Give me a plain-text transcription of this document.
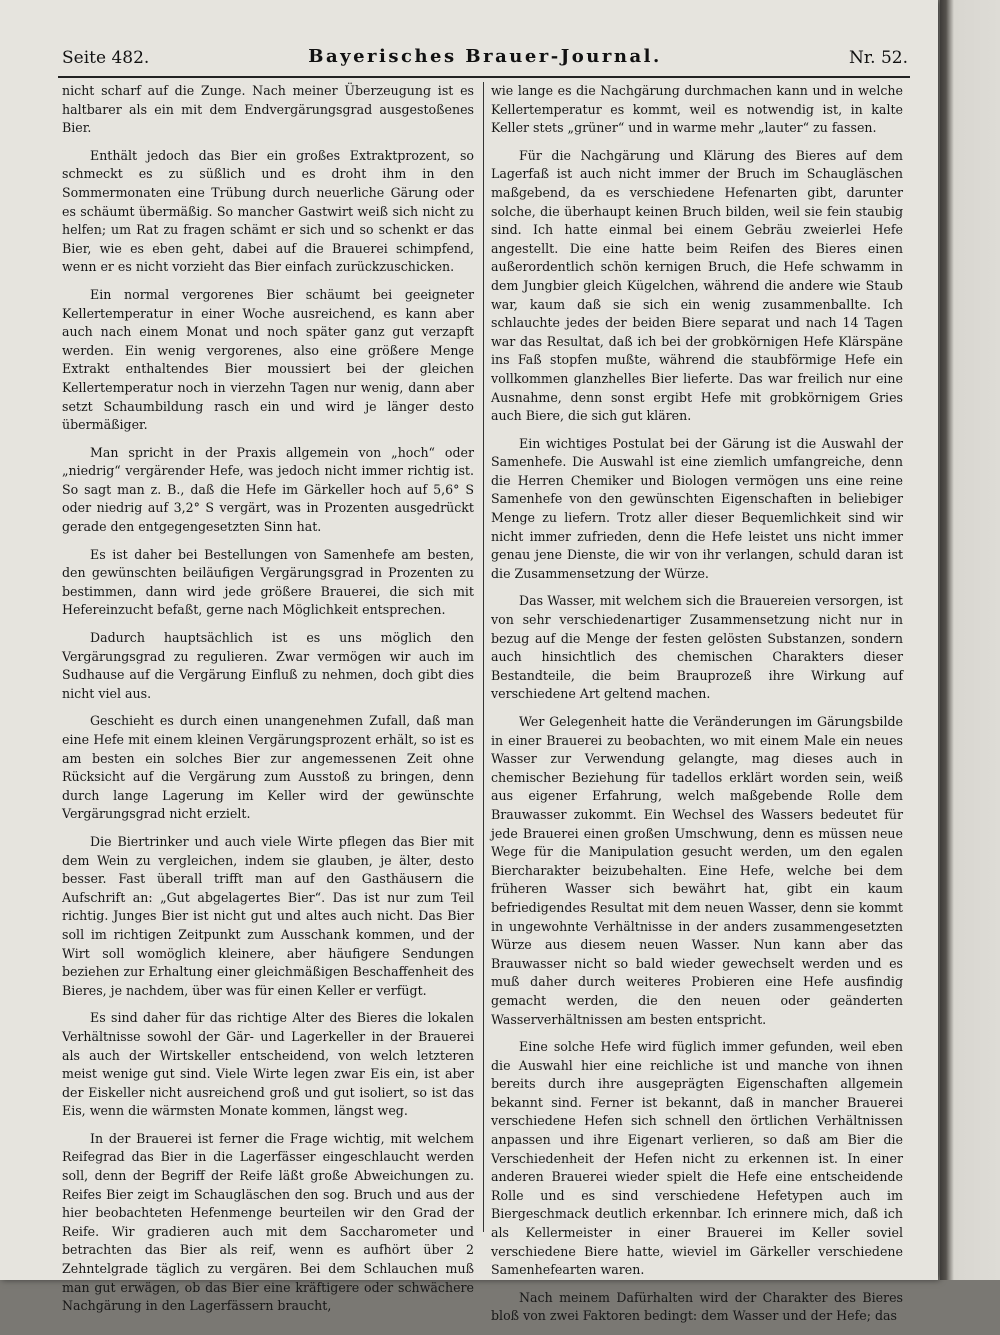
Seite 482.	Bayerisches Brauer-Journal.	Nr. 52.

nicht scharf auf die Zunge. Nach meiner Überzeugung ist es haltbarer als ein mit dem Endvergärungsgrad ausgestoßenes Bier.

Enthält jedoch das Bier ein großes Extraktprozent, so schmeckt es zu süßlich und es droht ihm in den Sommermonaten eine Trübung durch neuerliche Gärung oder es schäumt übermäßig. So mancher Gastwirt weiß sich nicht zu helfen; um Rat zu fragen schämt er sich und so schenkt er das Bier, wie es eben geht, dabei auf die Brauerei schimpfend, wenn er es nicht vorzieht das Bier einfach zurückzuschicken.

Ein normal vergorenes Bier schäumt bei geeigneter Kellertemperatur in einer Woche ausreichend, es kann aber auch nach einem Monat und noch später ganz gut verzapft werden. Ein wenig vergorenes, also eine größere Menge Extrakt enthaltendes Bier moussiert bei der gleichen Kellertemperatur noch in vierzehn Tagen nur wenig, dann aber setzt Schaumbildung rasch ein und wird je länger desto übermäßiger.

Man spricht in der Praxis allgemein von „hoch“ oder „niedrig“ vergärender Hefe, was jedoch nicht immer richtig ist. So sagt man z. B., daß die Hefe im Gärkeller hoch auf 5,6° S oder niedrig auf 3,2° S vergärt, was in Prozenten ausgedrückt gerade den entgegengesetzten Sinn hat.

Es ist daher bei Bestellungen von Samenhefe am besten, den gewünschten beiläufigen Vergärungsgrad in Prozenten zu bestimmen, dann wird jede größere Brauerei, die sich mit Hefereinzucht befaßt, gerne nach Möglichkeit entsprechen.

Dadurch hauptsächlich ist es uns möglich den Vergärungsgrad zu regulieren. Zwar vermögen wir auch im Sudhause auf die Vergärung Einfluß zu nehmen, doch gibt dies nicht viel aus.

Geschieht es durch einen unangenehmen Zufall, daß man eine Hefe mit einem kleinen Vergärungsprozent erhält, so ist es am besten ein solches Bier zur angemessenen Zeit ohne Rücksicht auf die Vergärung zum Ausstoß zu bringen, denn durch lange Lagerung im Keller wird der gewünschte Vergärungsgrad nicht erzielt.

Die Biertrinker und auch viele Wirte pflegen das Bier mit dem Wein zu vergleichen, indem sie glauben, je älter, desto besser. Fast überall trifft man auf den Gasthäusern die Aufschrift an: „Gut abgelagertes Bier“. Das ist nur zum Teil richtig. Junges Bier ist nicht gut und altes auch nicht. Das Bier soll im richtigen Zeitpunkt zum Ausschank kommen, und der Wirt soll womöglich kleinere, aber häufigere Sendungen beziehen zur Erhaltung einer gleichmäßigen Beschaffenheit des Bieres, je nachdem, über was für einen Keller er verfügt.

Es sind daher für das richtige Alter des Bieres die lokalen Verhältnisse sowohl der Gär- und Lagerkeller in der Brauerei als auch der Wirtskeller entscheidend, von welch letzteren meist wenige gut sind. Viele Wirte legen zwar Eis ein, ist aber der Eiskeller nicht ausreichend groß und gut isoliert, so ist das Eis, wenn die wärmsten Monate kommen, längst weg.

In der Brauerei ist ferner die Frage wichtig, mit welchem Reifegrad das Bier in die Lagerfässer eingeschlaucht werden soll, denn der Begriff der Reife läßt große Abweichungen zu. Reifes Bier zeigt im Schaugläschen den sog. Bruch und aus der hier beobachteten Hefenmenge beurteilen wir den Grad der Reife. Wir gradieren auch mit dem Saccharometer und betrachten das Bier als reif, wenn es aufhört über 2 Zehntelgrade täglich zu vergären. Bei dem Schlauchen muß man gut erwägen, ob das Bier eine kräftigere oder schwächere Nachgärung in den Lagerfässern braucht,

wie lange es die Nachgärung durchmachen kann und in welche Kellertemperatur es kommt, weil es notwendig ist, in kalte Keller stets „grüner“ und in warme mehr „lauter“ zu fassen.

Für die Nachgärung und Klärung des Bieres auf dem Lagerfaß ist auch nicht immer der Bruch im Schaugläschen maßgebend, da es verschiedene Hefenarten gibt, darunter solche, die überhaupt keinen Bruch bilden, weil sie fein staubig sind. Ich hatte einmal bei einem Gebräu zweierlei Hefe angestellt. Die eine hatte beim Reifen des Bieres einen außerordentlich schön kernigen Bruch, die Hefe schwamm in dem Jungbier gleich Kügelchen, während die andere wie Staub war, kaum daß sie sich ein wenig zusammenballte. Ich schlauchte jedes der beiden Biere separat und nach 14 Tagen war das Resultat, daß ich bei der grobkörnigen Hefe Klärspäne ins Faß stopfen mußte, während die staubförmige Hefe ein vollkommen glanzhelles Bier lieferte. Das war freilich nur eine Ausnahme, denn sonst ergibt Hefe mit grobkörnigem Gries auch Biere, die sich gut klären.

Ein wichtiges Postulat bei der Gärung ist die Auswahl der Samenhefe. Die Auswahl ist eine ziemlich umfangreiche, denn die Herren Chemiker und Biologen vermögen uns eine reine Samenhefe von den gewünschten Eigenschaften in beliebiger Menge zu liefern. Trotz aller dieser Bequemlichkeit sind wir nicht immer zufrieden, denn die Hefe leistet uns nicht immer genau jene Dienste, die wir von ihr verlangen, schuld daran ist die Zusammensetzung der Würze.

Das Wasser, mit welchem sich die Brauereien versorgen, ist von sehr verschiedenartiger Zusammensetzung nicht nur in bezug auf die Menge der festen gelösten Substanzen, sondern auch hinsichtlich des chemischen Charakters dieser Bestandteile, die beim Brauprozeß ihre Wirkung auf verschiedene Art geltend machen.

Wer Gelegenheit hatte die Veränderungen im Gärungsbilde in einer Brauerei zu beobachten, wo mit einem Male ein neues Wasser zur Verwendung gelangte, mag dieses auch in chemischer Beziehung für tadellos erklärt worden sein, weiß aus eigener Erfahrung, welch maßgebende Rolle dem Brauwasser zukommt. Ein Wechsel des Wassers bedeutet für jede Brauerei einen großen Umschwung, denn es müssen neue Wege für die Manipulation gesucht werden, um den egalen Biercharakter beizubehalten. Eine Hefe, welche bei dem früheren Wasser sich bewährt hat, gibt ein kaum befriedigendes Resultat mit dem neuen Wasser, denn sie kommt in ungewohnte Verhältnisse in der anders zusammengesetzten Würze aus diesem neuen Wasser. Nun kann aber das Brauwasser nicht so bald wieder gewechselt werden und es muß daher durch weiteres Probieren eine Hefe ausfindig gemacht werden, die den neuen oder geänderten Wasserverhältnissen am besten entspricht.

Eine solche Hefe wird füglich immer gefunden, weil eben die Auswahl hier eine reichliche ist und manche von ihnen bereits durch ihre ausgeprägten Eigenschaften allgemein bekannt sind. Ferner ist bekannt, daß in mancher Brauerei verschiedene Hefen sich schnell den örtlichen Verhältnissen anpassen und ihre Eigenart verlieren, so daß am Bier die Verschiedenheit der Hefen nicht zu erkennen ist. In einer anderen Brauerei wieder spielt die Hefe eine entscheidende Rolle und es sind verschiedene Hefetypen auch im Biergeschmack deutlich erkennbar. Ich erinnere mich, daß ich als Kellermeister in einer Brauerei im Keller soviel verschiedene Biere hatte, wieviel im Gärkeller verschiedene Samenhefearten waren.

Nach meinem Dafürhalten wird der Charakter des Bieres bloß von zwei Faktoren bedingt: dem Wasser und der Hefe; das
